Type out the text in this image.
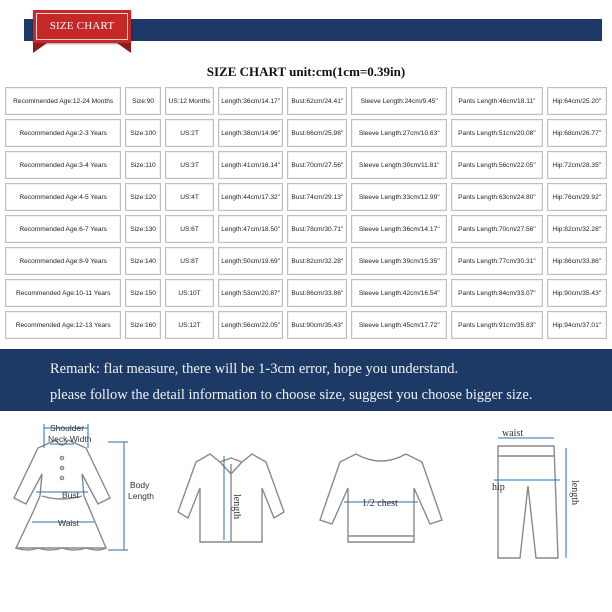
SIZE CHART
SIZE CHART unit:cm(1cm=0.39in)
Recommended Age:12-24 Months	Size:90	US:12 Months	Length:36cm/14.17''	Bust:62cm/24.41''	Sleeve Length:24cm/9.45''	Pants Length:46cm/18.11''	Hip:64cm/25.20''
Recommended Age:2-3 Years	Size:100	US:2T	Length:38cm/14.96''	Bust:66cm/25.98''	Sleeve Length:27cm/10.63''	Pants Length:51cm/20.08''	Hip:68cm/26.77''
Recommended Age:3-4 Years	Size:110	US:3T	Length:41cm/16.14''	Bust:70cm/27.56''	Sleeve Length:30cm/11.81''	Pants Length:56cm/22.05''	Hip:72cm/28.35''
Recommended Age:4-5 Years	Size:120	US:4T	Length:44cm/17.32''	Bust:74cm/29.13''	Sleeve Length:33cm/12.99''	Pants Length:63cm/24.80''	Hip:76cm/29.92''
Recommended Age:6-7 Years	Size:130	US:6T	Length:47cm/18.50''	Bust:78cm/30.71''	Sleeve Length:36cm/14.17''	Pants Length:70cm/27.56''	Hip:82cm/32.28''
Recommended Age:8-9 Years	Size:140	US:8T	Length:50cm/19.69''	Bust:82cm/32.28''	Sleeve Length:39cm/15.35''	Pants Length:77cm/30.31''	Hip:86cm/33.86''
Recommended Age:10-11 Years	Size:150	US:10T	Length:53cm/20.87''	Bust:86cm/33.86''	Sleeve Length:42cm/16.54''	Pants Length:84cm/33.07''	Hip:90cm/35.43''
Recommended Age:12-13 Years	Size:160	US:12T	Length:56cm/22.05''	Bust:90cm/35.43''	Sleeve Length:45cm/17.72''	Pants Length:91cm/35.83''	Hip:94cm/37.01''
Remark: flat measure, there will be 1-3cm error, hope you understand.
please follow the detail information to choose size, suggest you choose bigger size.
Shoulder
Neck Width
Bust
Waist
Body
Length	length	1/2 chest
waist
hip	length
